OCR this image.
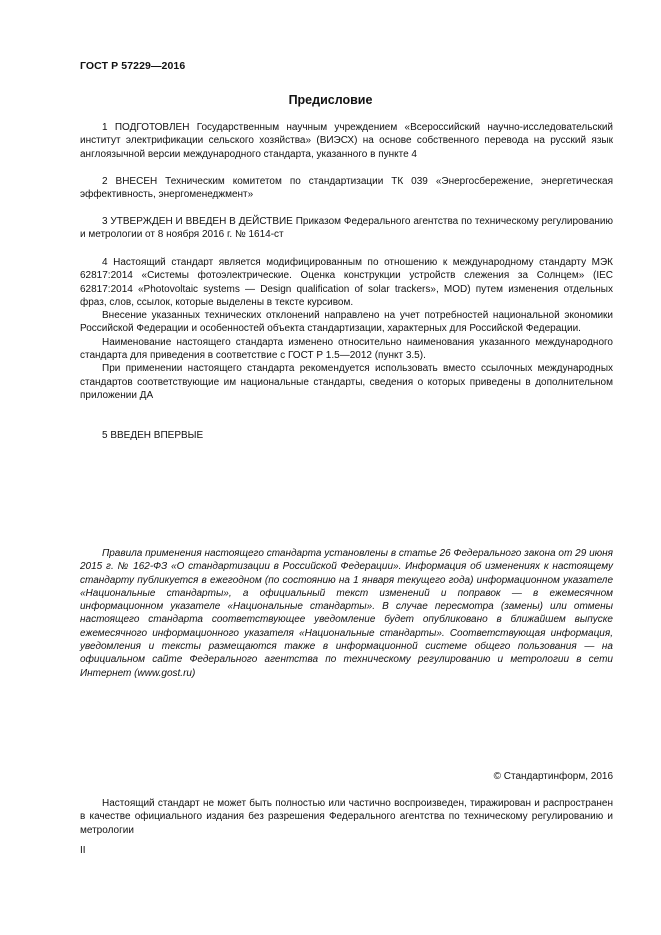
ГОСТ Р 57229—2016
Предисловие

1 ПОДГОТОВЛЕН Государственным научным учреждением «Всероссийский научно-исследовательский институт электрификации сельского хозяйства» (ВИЭСХ) на основе собственного перевода на русский язык англоязычной версии международного стандарта, указанного в пункте 4

2 ВНЕСЕН Техническим комитетом по стандартизации ТК 039 «Энергосбережение, энергетическая эффективность, энергоменеджмент»

3 УТВЕРЖДЕН И ВВЕДЕН В ДЕЙСТВИЕ Приказом Федерального агентства по техническому регулированию и метрологии от 8 ноября 2016 г. № 1614-ст

4 Настоящий стандарт является модифицированным по отношению к международному стандарту МЭК 62817:2014 «Системы фотоэлектрические. Оценка конструкции устройств слежения за Солнцем» (IEC 62817:2014 «Photovoltaic systems — Design qualification of solar trackers», MOD) путем изменения отдельных фраз, слов, ссылок, которые выделены в тексте курсивом.

Внесение указанных технических отклонений направлено на учет потребностей национальной экономики Российской Федерации и особенностей объекта стандартизации, характерных для Российской Федерации.

Наименование настоящего стандарта изменено относительно наименования указанного международного стандарта для приведения в соответствие с ГОСТ Р 1.5—2012 (пункт 3.5).

При применении настоящего стандарта рекомендуется использовать вместо ссылочных международных стандартов соответствующие им национальные стандарты, сведения о которых приведены в дополнительном приложении ДА

5 ВВЕДЕН ВПЕРВЫЕ

Правила применения настоящего стандарта установлены в статье 26 Федерального закона от 29 июня 2015 г. № 162-ФЗ «О стандартизации в Российской Федерации». Информация об изменениях к настоящему стандарту публикуется в ежегодном (по состоянию на 1 января текущего года) информационном указателе «Национальные стандарты», а официальный текст изменений и поправок — в ежемесячном информационном указателе «Национальные стандарты». В случае пересмотра (замены) или отмены настоящего стандарта соответствующее уведомление будет опубликовано в ближайшем выпуске ежемесячного информационного указателя «Национальные стандарты». Соответствующая информация, уведомления и тексты размещаются также в информационной системе общего пользования — на официальном сайте Федерального агентства по техническому регулированию и метрологии в сети Интернет (www.gost.ru)

© Стандартинформ, 2016

Настоящий стандарт не может быть полностью или частично воспроизведен, тиражирован и распространен в качестве официального издания без разрешения Федерального агентства по техническому регулированию и метрологии

II
